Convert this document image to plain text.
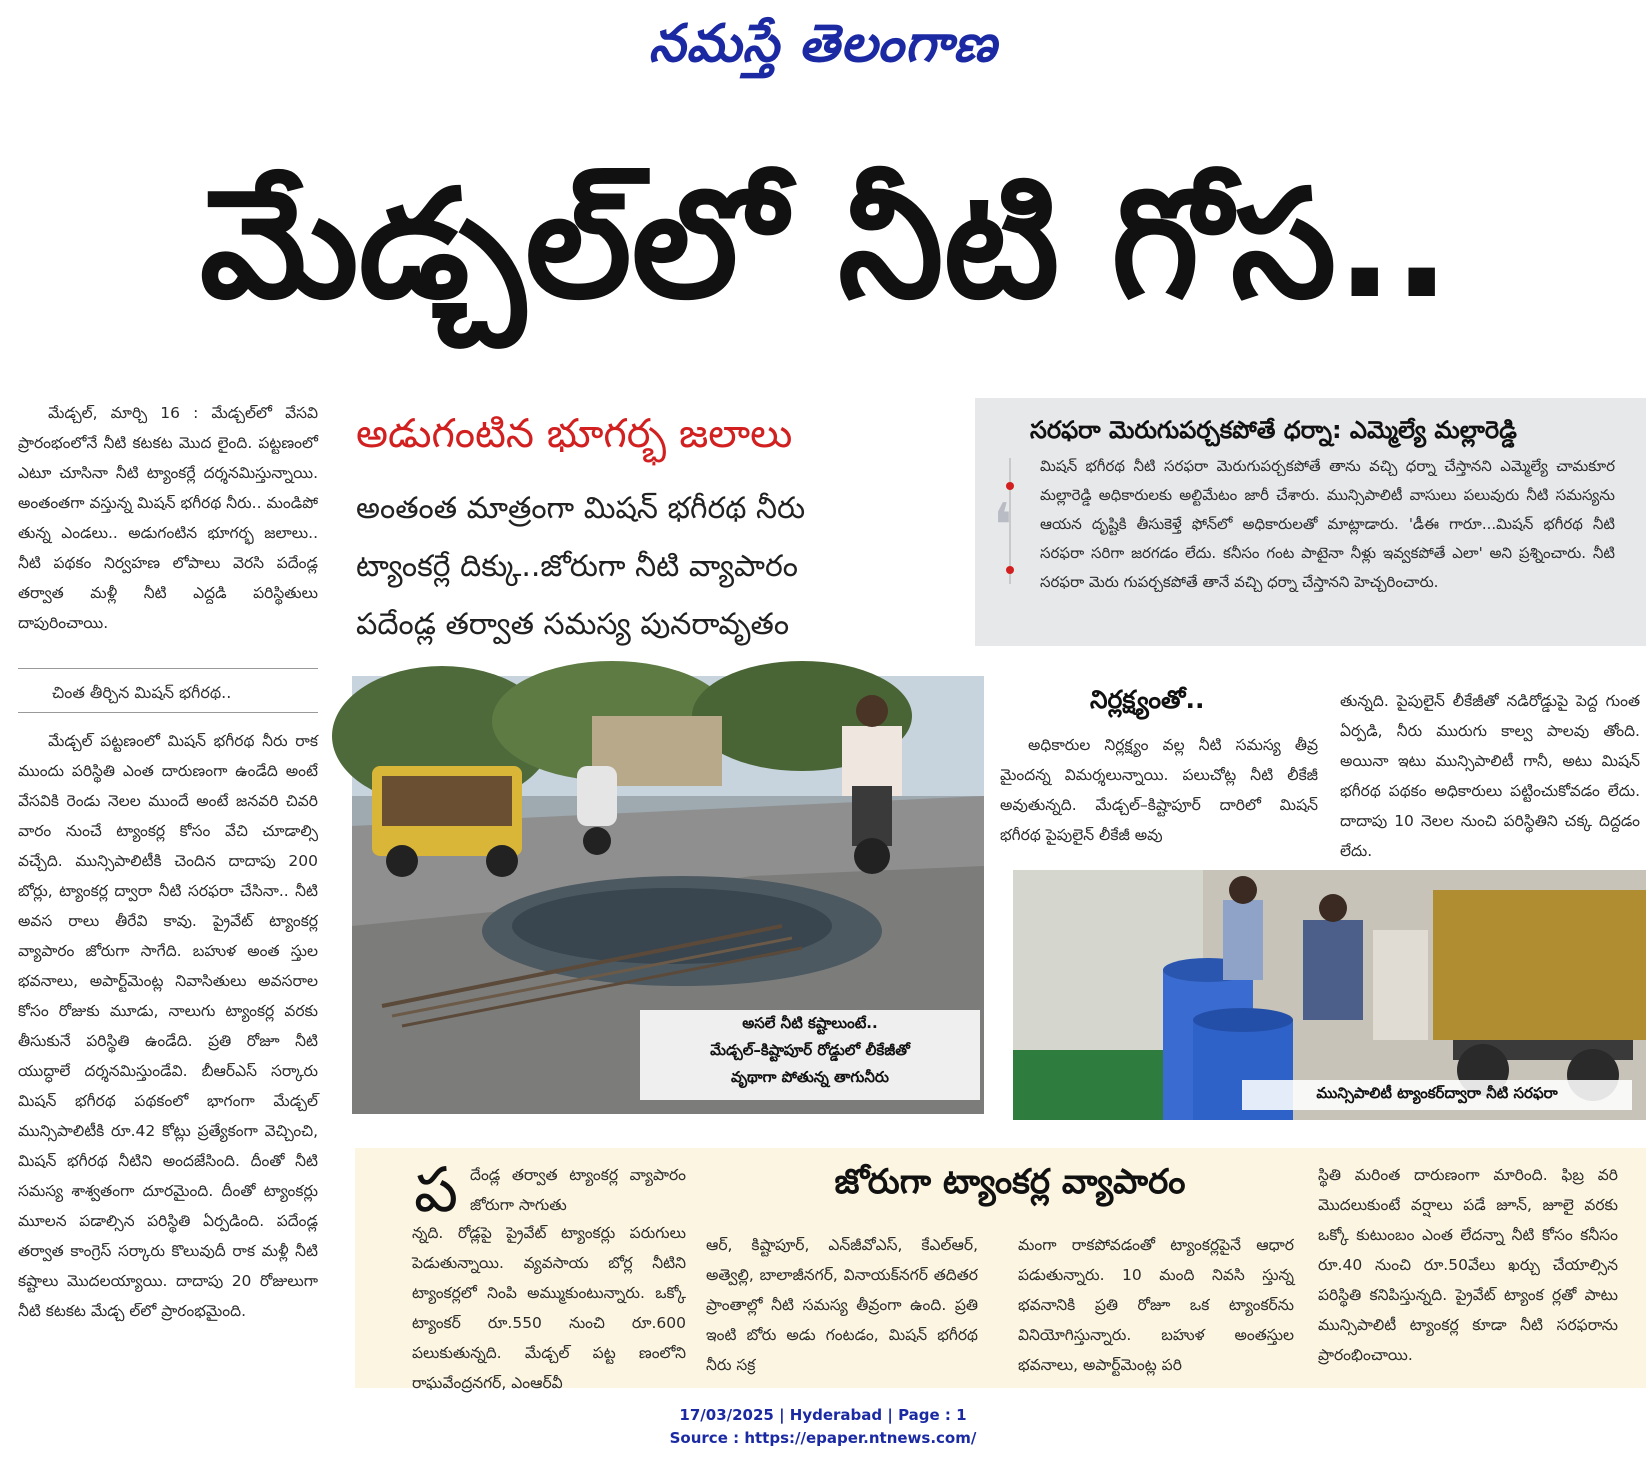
నమస్తే తెలంగాణ
మేడ్చల్‌లో నీటి గోస..

మేడ్చల్, మార్చి 16 : మేడ్చల్‌లో వేసవి ప్రారంభంలోనే నీటి కటకట మొద లైంది. పట్టణంలో ఎటూ చూసినా నీటి ట్యాంకర్లే దర్శనమిస్తున్నాయి. అంతంతగా వస్తున్న మిషన్ భగీరథ నీరు.. మండిపో తున్న ఎండలు.. అడుగంటిన భూగర్భ జలాలు.. నీటి పథకం నిర్వహణ లోపాలు వెరసి పదేండ్ల తర్వాత మళ్లీ నీటి ఎద్దడి పరిస్థితులు దాపురించాయి.

చింత తీర్చిన మిషన్ భగీరథ..

మేడ్చల్ పట్టణంలో మిషన్ భగీరథ నీరు రాక ముందు పరిస్థితి ఎంత దారుణంగా ఉండేది అంటే వేసవికి రెండు నెలల ముందే అంటే జనవరి చివరి వారం నుంచే ట్యాంకర్ల కోసం వేచి చూడాల్సి వచ్చేది. మున్సిపాలిటీకి చెందిన దాదాపు 200 బోర్లు, ట్యాంకర్ల ద్వారా నీటి సరఫరా చేసినా.. నీటి అవస రాలు తీరేవి కావు. ప్రైవేట్ ట్యాంకర్ల వ్యాపారం జోరుగా సాగేది. బహుళ అంత స్తుల భవనాలు, అపార్ట్‌మెంట్ల నివాసితులు అవసరాల కోసం రోజుకు మూడు, నాలుగు ట్యాంకర్ల వరకు తీసుకునే పరిస్థితి ఉండేది. ప్రతి రోజూ నీటి యుద్ధాలే దర్శనమిస్తుండేవి. బీఆర్‌ఎస్ సర్కారు మిషన్ భగీరథ పథకంలో భాగంగా మేడ్చల్ మున్సిపాలిటీకి రూ.42 కోట్లు ప్రత్యేకంగా వెచ్చించి, మిషన్ భగీరథ నీటిని అందజేసింది. దీంతో నీటి సమస్య శాశ్వతంగా దూరమైంది. దీంతో ట్యాంకర్లు మూలన పడాల్సిన పరిస్థితి ఏర్పడింది. పదేండ్ల తర్వాత కాంగ్రెస్ సర్కారు కొలువుదీ రాక మళ్లీ నీటి కష్టాలు మొదలయ్యాయి. దాదాపు 20 రోజులుగా నీటి కటకట మేడ్చ ల్‌లో ప్రారంభమైంది.

అడుగంటిన భూగర్భ జలాలు
అంతంత మాత్రంగా మిషన్ భగీరథ నీరు
ట్యాంకర్లే దిక్కు..జోరుగా నీటి వ్యాపారం
పదేండ్ల తర్వాత సమస్య పునరావృతం
సరఫరా మెరుగుపర్చకపోతే ధర్నా: ఎమ్మెల్యే మల్లారెడ్డి
❛
మిషన్ భగీరథ నీటి సరఫరా మెరుగుపర్చకపోతే తాను వచ్చి ధర్నా చేస్తానని ఎమ్మెల్యే చామకూర మల్లారెడ్డి అధికారులకు అల్టిమేటం జారీ చేశారు. మున్సిపాలిటీ వాసులు పలువురు నీటి సమస్యను ఆయన దృష్టికి తీసుకెళ్తే ఫోన్‌లో అధికారులతో మాట్లాడారు. 'డీఈ గారూ...మిషన్ భగీరథ నీటి సరఫరా సరిగా జరగడం లేదు. కనీసం గంట పాటైనా నీళ్లు ఇవ్వకపోతే ఎలా' అని ప్రశ్నించారు. నీటి సరఫరా మెరు గుపర్చకపోతే తానే వచ్చి ధర్నా చేస్తానని హెచ్చరించారు.
అసలే నీటి కష్టాలుంటే..
మేడ్చల్–కిష్టాపూర్ రోడ్డులో లీకేజీతో
వృథాగా పోతున్న తాగునీరు
నిర్లక్ష్యంతో..

అధికారుల నిర్లక్ష్యం వల్ల నీటి సమస్య తీవ్ర మైందన్న విమర్శలున్నాయి. పలుచోట్ల నీటి లీకేజీ అవుతున్నది. మేడ్చల్–కిష్టాపూర్ దారిలో మిషన్ భగీరథ పైపులైన్ లీకేజీ అవు

తున్నది. పైపులైన్ లీకేజీతో నడిరోడ్డుపై పెద్ద గుంత ఏర్పడి, నీరు మురుగు కాల్వ పాలవు తోంది. అయినా ఇటు మున్సిపాలిటీ గానీ, అటు మిషన్ భగీరథ పథకం అధికారులు పట్టించుకోవడం లేదు. దాదాపు 10 నెలల నుంచి పరిస్థితిని చక్క దిద్దడం లేదు.

మున్సిపాలిటీ ట్యాంకర్‌ద్వారా నీటి సరఫరా
జోరుగా ట్యాంకర్ల వ్యాపారం
ప దేండ్ల తర్వాత ట్యాంకర్ల వ్యాపారం జోరుగా సాగుతు

న్నది. రోడ్లపై ప్రైవేట్ ట్యాంకర్లు పరుగులు పెడుతున్నాయి. వ్యవసాయ బోర్ల నీటిని ట్యాంకర్లలో నింపి అమ్ముకుంటున్నారు. ఒక్కో ట్యాంకర్ రూ.550 నుంచి రూ.600 పలుకుతున్నది. మేడ్చల్ పట్ట ణంలోని రాఘవేంద్రనగర్, ఎంఆర్‌వీ

ఆర్, కిష్టాపూర్, ఎన్‌జీవోఎస్, కేఎల్‌ఆర్, అత్వెల్లి, బాలాజీనగర్, వినాయక్‌నగర్ తదితర ప్రాంతాల్లో నీటి సమస్య తీవ్రంగా ఉంది. ప్రతి ఇంటి బోరు అడు గంటడం, మిషన్ భగీరథ నీరు సక్ర

మంగా రాకపోవడంతో ట్యాంకర్లపైనే ఆధార పడుతున్నారు. 10 మంది నివసి స్తున్న భవనానికి ప్రతి రోజూ ఒక ట్యాంకర్‌ను వినియోగిస్తున్నారు. బహుళ అంతస్తుల భవనాలు, అపార్ట్‌మెంట్ల పరి

స్థితి మరింత దారుణంగా మారింది. ఫిబ్ర వరి మొదలుకుంటే వర్షాలు పడే జూన్, జూలై వరకు ఒక్కో కుటుంబం ఎంత లేదన్నా నీటి కోసం కనీసం రూ.40 నుంచి రూ.50వేలు ఖర్చు చేయాల్సిన పరిస్థితి కనిపిస్తున్నది. ప్రైవేట్ ట్యాంక ర్లతో పాటు మున్సిపాలిటీ ట్యాంకర్ల కూడా నీటి సరఫరాను ప్రారంభించాయి.

17/03/2025 | Hyderabad | Page : 1
Source : https://epaper.ntnews.com/
